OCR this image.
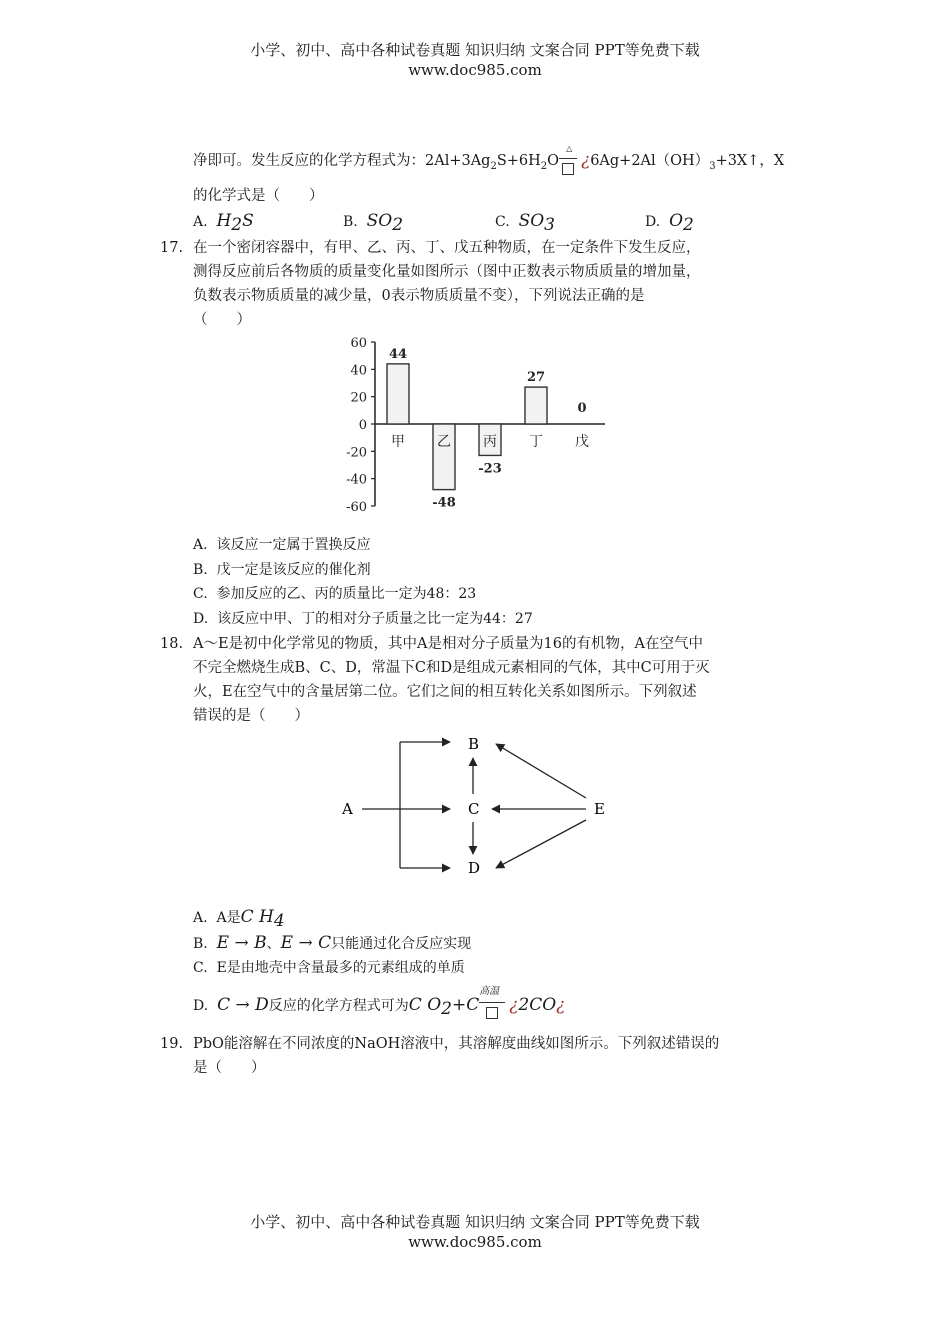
小学、初中、高中各种试卷真题 知识归纳 文案合同 PPT等免费下载
www.doc985.com
净即可。发生反应的化学方程式为：$2Al+3Ag_2S+6H_2O$
△
¿$6Ag+2Al(OH)_3+3X↑$，X
的化学式是（　　）
A. $H_2S$	B. $SO_2$	C. $SO_3$	D. $O_2$
17. 在一个密闭容器中，有甲、乙、丙、丁、戊五种物质，在一定条件下发生反应，
测得反应前后各物质的质量变化量如图所示（图中正数表示物质质量的增加量，
负数表示物质质量的减少量，0表示物质质量不变），下列说法正确的是
（　　）
60
40
20
0
-20
-40
-60
甲
44
乙
-48
丙
-23
丁
27
戊
0
A. 该反应一定属于置换反应
B. 戊一定是该反应的催化剂
C. 参加反应的乙、丙的质量比一定为48：23
D. 该反应中甲、丁的相对分子质量之比一定为44：27
18. A～E是初中化学常见的物质，其中A是相对分子质量为16的有机物，A在空气中
不完全燃烧生成B、C、D，常温下C和D是组成元素相同的气体，其中C可用于灭
火，E在空气中的含量居第二位。它们之间的相互转化关系如图所示。下列叙述
错误的是（　　）
A
B
C
D
E
A. A是C $H_4$
B. E → B、E → C只能通过化合反应实现
C. E是由地壳中含量最多的元素组成的单质
D. C → D反应的化学方程式可为C $O_2+C$
高温
¿2CO¿
19. PbO能溶解在不同浓度的NaOH溶液中，其溶解度曲线如图所示。下列叙述错误的
是（　　）
小学、初中、高中各种试卷真题 知识归纳 文案合同 PPT等免费下载
www.doc985.com
